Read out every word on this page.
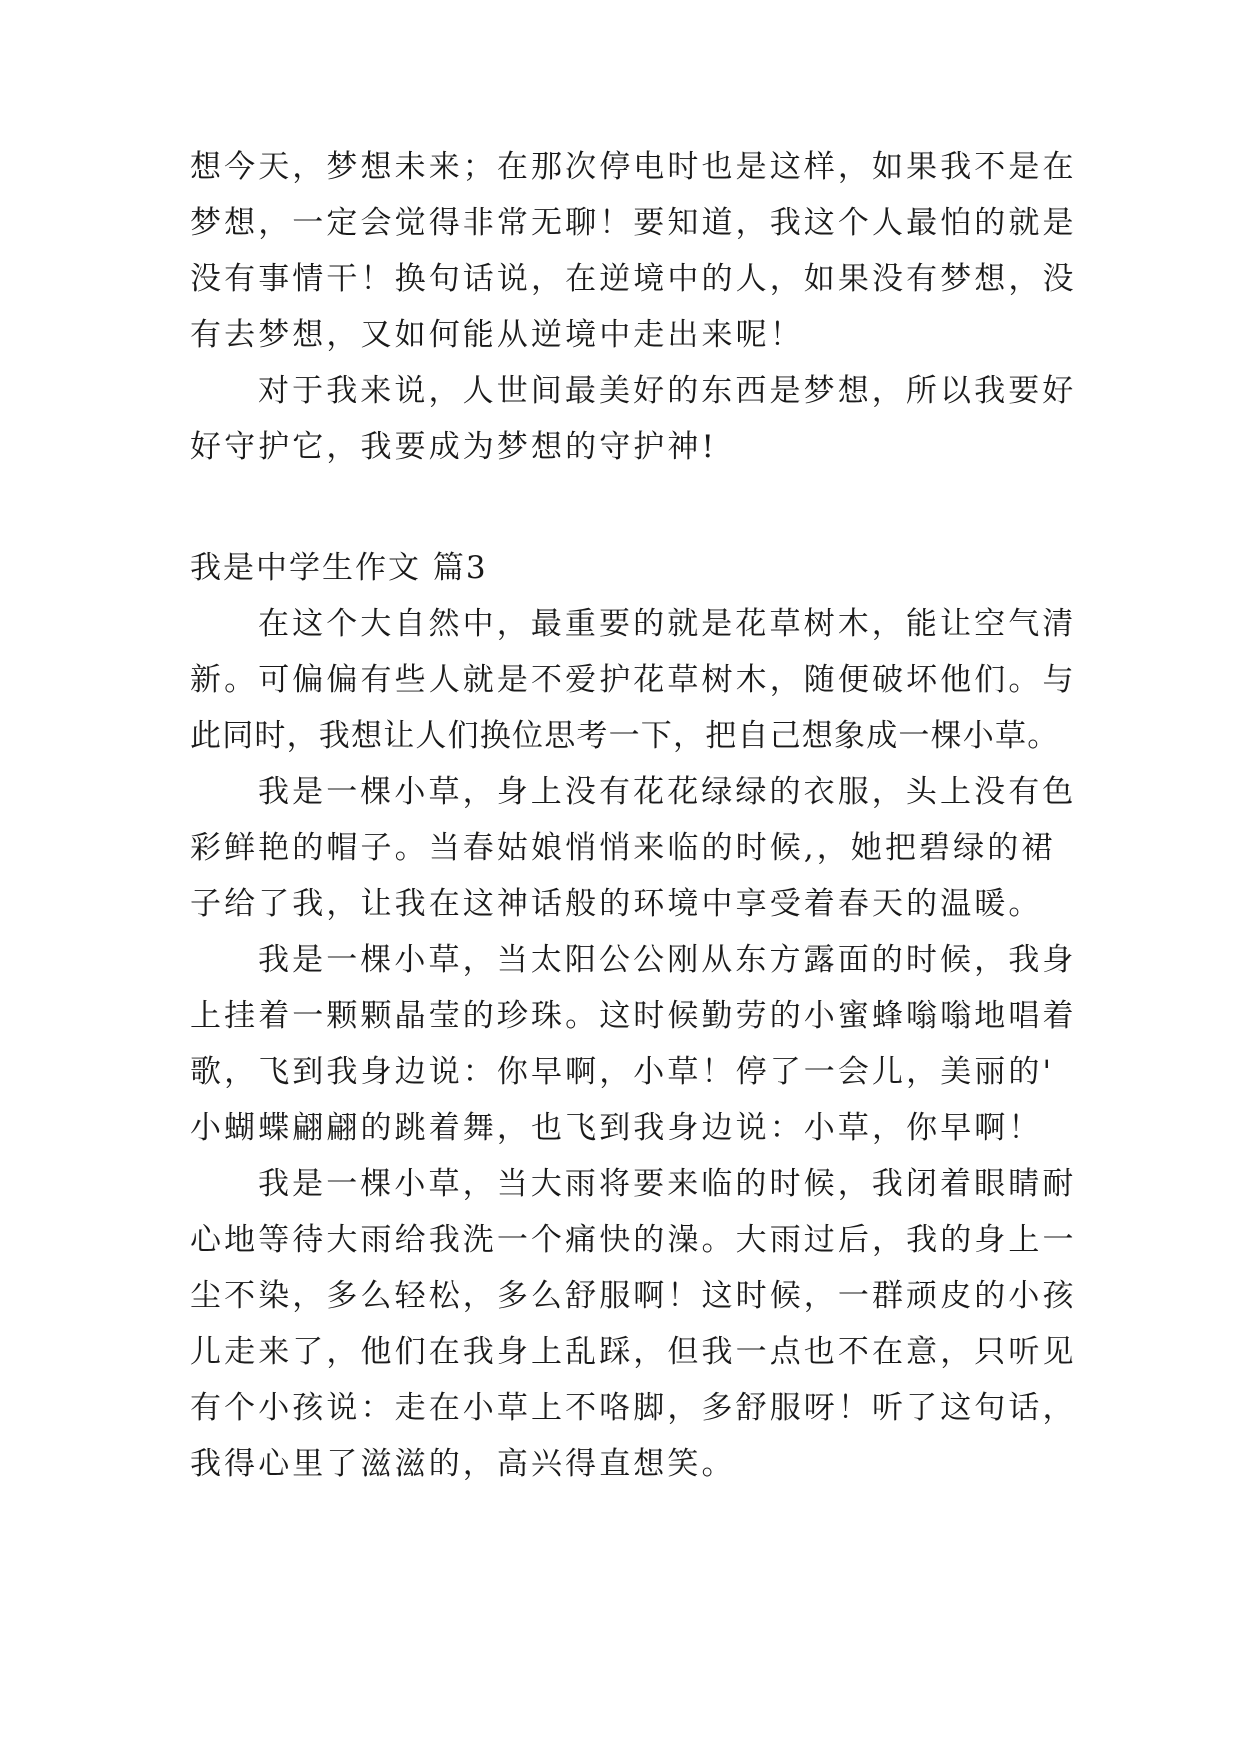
想今天，梦想未来；在那次停电时也是这样，如果我不是在
梦想，一定会觉得非常无聊！要知道，我这个人最怕的就是
没有事情干！换句话说，在逆境中的人，如果没有梦想，没
有去梦想，又如何能从逆境中走出来呢！
对于我来说，人世间最美好的东西是梦想，所以我要好
好守护它，我要成为梦想的守护神!
我是中学生作文 篇3
在这个大自然中，最重要的就是花草树木，能让空气清
新。可偏偏有些人就是不爱护花草树木，随便破坏他们。与
此同时，我想让人们换位思考一下，把自己想象成一棵小草。
我是一棵小草，身上没有花花绿绿的衣服，头上没有色
彩鲜艳的帽子。当春姑娘悄悄来临的时候,，她把碧绿的裙
子给了我，让我在这神话般的环境中享受着春天的温暖。
我是一棵小草，当太阳公公刚从东方露面的时候，我身
上挂着一颗颗晶莹的珍珠。这时候勤劳的小蜜蜂嗡嗡地唱着
歌，飞到我身边说：你早啊，小草！停了一会儿，美丽的'
小蝴蝶翩翩的跳着舞，也飞到我身边说：小草，你早啊！
我是一棵小草，当大雨将要来临的时候，我闭着眼睛耐
心地等待大雨给我洗一个痛快的澡。大雨过后，我的身上一
尘不染，多么轻松，多么舒服啊！这时候，一群顽皮的小孩
儿走来了，他们在我身上乱踩，但我一点也不在意，只听见
有个小孩说：走在小草上不咯脚，多舒服呀！听了这句话，
我得心里了滋滋的，高兴得直想笑。
